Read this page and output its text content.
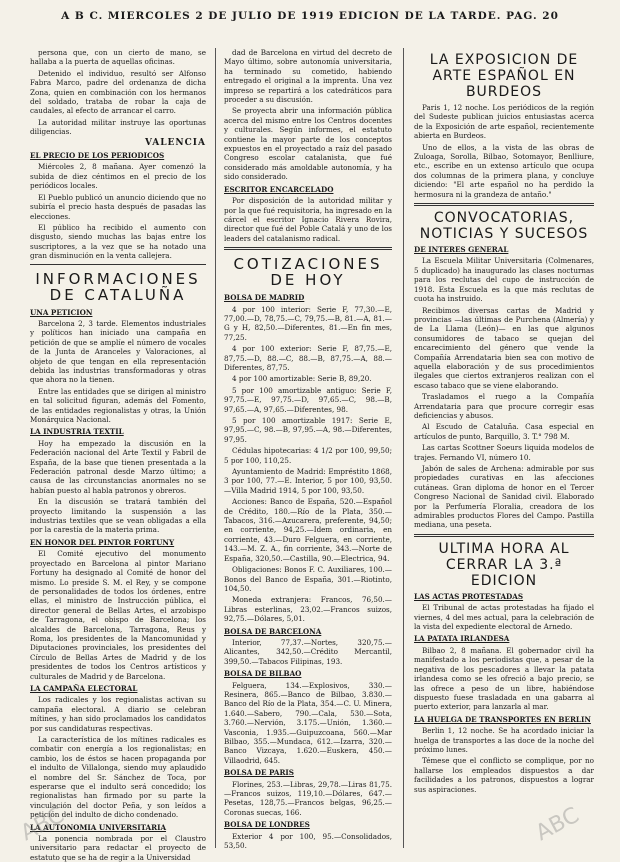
A B C. MIERCOLES 2 DE JULIO DE 1919 EDICION DE LA TARDE. PAG. 20

persona que, con un cierto de mano, se hallaba a la puerta de aquellas oficinas.

Detenido el individuo, resultó ser Alfonso Fabra Marco, padre del ordenanza de dicha Zona, quien en combinación con los hermanos del soldado, trataba de robar la caja de caudales, al efecto de arrancar el carro.

La autoridad militar instruye las oportunas diligencias.

VALENCIA
EL PRECIO DE LOS PERIODICOS

Miércoles 2, 8 mañana. Ayer comenzó la subida de diez céntimos en el precio de los periódicos locales.

El Pueblo publicó un anuncio diciendo que no subiría el precio hasta después de pasadas las elecciones.

El público ha recibido el aumento con disgusto, siendo muchas las bajas entre los suscriptores, a la vez que se ha notado una gran disminución en la venta callejera.

INFORMACIONES DE CATALUÑA
UNA PETICION

Barcelona 2, 3 tarde. Elementos industriales y políticos han iniciado una campaña en petición de que se amplíe el número de vocales de la Junta de Aranceles y Valoraciones, al objeto de que tengan en ella representación debida las industrias transformadoras y otras que ahora no la tienen.

Entre las entidades que se dirigen al ministro en tal solicitud figuran, además del Fomento, de las entidades regionalistas y otras, la Unión Monárquica Nacional.

LA INDUSTRIA TEXTIL

Hoy ha empezado la discusión en la Federación nacional del Arte Textil y Fabril de España, de la base que tienen presentada a la Federación patronal desde Marzo último; a causa de las circunstancias anormales no se habían puesto al habla patronos y obreros.

En la discusión se tratará también del proyecto limitando la suspensión a las industrias textiles que se vean obligadas a ella por la carestía de la materia prima.

EN HONOR DEL PINTOR FORTUNY

El Comité ejecutivo del monumento proyectado en Barcelona al pintor Mariano Fortuny ha designado al Comité de honor del mismo. Lo preside S. M. el Rey, y se compone de personalidades de todos los órdenes, entre ellas, el ministro de Instrucción pública, el director general de Bellas Artes, el arzobispo de Tarragona, el obispo de Barcelona; los alcaldes de Barcelona, Tarragona, Reus y Roma, los presidentes de la Mancomunidad y Diputaciones provinciales, los presidentes del Círculo de Bellas Artes de Madrid y de los presidentes de todos los Centros artísticos y culturales de Madrid y de Barcelona.

LA CAMPAÑA ELECTORAL

Los radicales y los regionalistas activan su campaña electoral. A diario se celebran mítines, y han sido proclamados los candidatos por sus candidaturas respectivas.

La característica de los mítines radicales es combatir con energía a los regionalistas; en cambio, los de éstos se hacen propaganda por el indulto de Villalonga, siendo muy aplaudido el nombre del Sr. Sánchez de Toca, por esperarse que el indulto será concedido; los regionalistas han firmado por su parte la vinculación del doctor Peña, y son leídos a petición del indulto de dicho condenado.

LA AUTONOMIA UNIVERSITARIA

La ponencia nombrada por el Claustro universitario para redactar el proyecto de estatuto que se ha de regir a la Universidad

dad de Barcelona en virtud del decreto de Mayo último, sobre autonomía universitaria, ha terminado su cometido, habiendo entregado el original a la imprenta. Una vez impreso se repartirá a los catedráticos para proceder a su discusión.

Se proyecta abrir una información pública acerca del mismo entre los Centros docentes y culturales. Según informes, el estatuto contiene la mayor parte de los conceptos expuestos en el proyectado a raíz del pasado Congreso escolar catalanista, que fué considerado más amoldable autonomía, y ha sido considerado.

ESCRITOR ENCARCELADO

Por disposición de la autoridad militar y por la que fué requisitoria, ha ingresado en la cárcel el escritor Ignacio Rivera Rovira, director que fué del Poble Catalá y uno de los leaders del catalanismo radical.

COTIZACIONES DE HOY
BOLSA DE MADRID

4 por 100 interior: Serie F, 77,30.—E, 77,00.—D, 78,75.—C, 79,75.—B, 81.—A, 81.—G y H, 82,50.—Diferentes, 81.—En fin mes, 77,25.

4 por 100 exterior: Serie F, 87,75.—E, 87,75.—D, 88.—C, 88.—B, 87,75.—A, 88.—Diferentes, 87,75.

4 por 100 amortizable: Serie B, 89,20.

5 por 100 amortizable antiguo: Serie F, 97,75.—E, 97,75.—D, 97,65.—C, 98.—B, 97,65.—A, 97,65.—Diferentes, 98.

5 por 100 amortizable 1917: Serie E, 97,95.—C, 98.—B, 97,95.—A, 98.—Diferentes, 97,95.

Cédulas hipotecarias: 4 1/2 por 100, 99,50; 5 por 100, 110,25.

Ayuntamiento de Madrid: Empréstito 1868, 3 por 100, 77.—E. Interior, 5 por 100, 93,50.—Villa Madrid 1914, 5 por 100, 93,50.

Acciones: Banco de España, 520.—Español de Crédito, 180.—Río de la Plata, 350.—Tabacos, 316.—Azucarera, preferente, 94,50; en corriente, 94,25.—Idem ordinaria, en corriente, 43.—Duro Felguera, en corriente, 143.—M. Z. A., fin corriente, 343.—Norte de España, 320,50.—Castilla, 90.—Electrica, 94.

Obligaciones: Bonos F. C. Auxiliares, 100.—Bonos del Banco de España, 301.—Riotinto, 104,50.

Moneda extranjera: Francos, 76,50.—Libras esterlinas, 23,02.—Francos suizos, 92,75.—Dólares, 5,01.

BOLSA DE BARCELONA

Interior, 77,37.—Nortes, 320,75.—Alicantes, 342,50.—Crédito Mercantil, 399,50.—Tabacos Filipinas, 193.

BOLSA DE BILBAO

Felguera, 134.—Explosivos, 330.—Resinera, 865.—Banco de Bilbao, 3.830.—Banco del Río de la Plata, 354.—C. U. Minera, 1.640.—Sabero, 790.—Cala, 530.—Sota, 3.760.—Nervión, 3.175.—Unión, 1.360.—Vasconia, 1.935.—Guipuzcoana, 560.—Mar Bilbao, 355.—Mundaca, 612.—Izarra, 320.—Banco Vizcaya, 1.620.—Euskera, 450.—Villaodrid, 645.

BOLSA DE PARIS

Florines, 253.—Libras, 29,78.—Liras 81,75.—Francos suizos, 119,10.—Dólares, 647.—Pesetas, 128,75.—Francos belgas, 96,25.—Coronas suecas, 166.

BOLSA DE LONDRES

Exterior 4 por 100, 95.—Consolidados, 53,50.

LA EXPOSICION DE ARTE ESPAÑOL EN BURDEOS

Paris 1, 12 noche. Los periódicos de la región del Sudeste publican juicios entusiastas acerca de la Exposición de arte español, recientemente abierta en Burdeos.

Uno de ellos, a la vista de las obras de Zuloaga, Sorolla, Bilbao, Sotomayor, Benlliure, etc., escribe en un extenso artículo que ocupa dos columnas de la primera plana, y concluye diciendo: "El arte español no ha perdido la hermosura ni la grandeza de antaño."

CONVOCATORIAS, NOTICIAS Y SUCESOS
DE INTERES GENERAL

La Escuela Militar Universitaria (Colmenares, 5 duplicado) ha inaugurado las clases nocturnas para los reclutas del cupo de instrucción de 1918. Esta Escuela es la que más reclutas de cuota ha instruido.

Recibimos diversas cartas de Madrid y provincias —las últimas de Purchena (Almería) y de La Llama (León)— en las que algunos consumidores de tabaco se quejan del encarecimiento del género que vende la Compañía Arrendataria bien sea con motivo de aquella elaboración y de sus procedimientos ilegales que ciertos extranjeros realizan con el escaso tabaco que se viene elaborando.

Trasladamos el ruego a la Compañía Arrendataria para que procure corregir esas deficiencias y abusos.

Al Escudo de Cataluña. Casa especial en artículos de punto, Barquillo, 3. T.° 798 M.

Las cartas Scottner Soeurs liquida modelos de trajes. Fernando VI, número 10.

Jabón de sales de Archena: admirable por sus propiedades curativas en las afecciones cutáneas. Gran diploma de honor en el Tercer Congreso Nacional de Sanidad civil. Elaborado por la Perfumería Floralia, creadora de los admirables productos Flores del Campo. Pastilla mediana, una peseta.

ULTIMA HORA AL CERRAR LA 3.ª EDICION
LAS ACTAS PROTESTADAS

El Tribunal de actas protestadas ha fijado el viernes, 4 del mes actual, para la celebración de la vista del expediente electoral de Arnedo.

LA PATATA IRLANDESA

Bilbao 2, 8 mañana. El gobernador civil ha manifestado a los periodistas que, a pesar de la negativa de los pescadores a llevar la patata irlandesa como se les ofreció a bajo precio, se las ofrece a peso de un libre, habiéndose dispuesto fuese trasladada en una gabarra al puerto exterior, para lanzarla al mar.

LA HUELGA DE TRANSPORTES EN BERLIN

Berlin 1, 12 noche. Se ha acordado iniciar la huelga de transportes a las doce de la noche del próximo lunes.

Témese que el conflicto se complique, por no hallarse los empleados dispuestos a dar facilidades a los patronos, dispuestos a lograr sus aspiraciones.

ABC	ABC
